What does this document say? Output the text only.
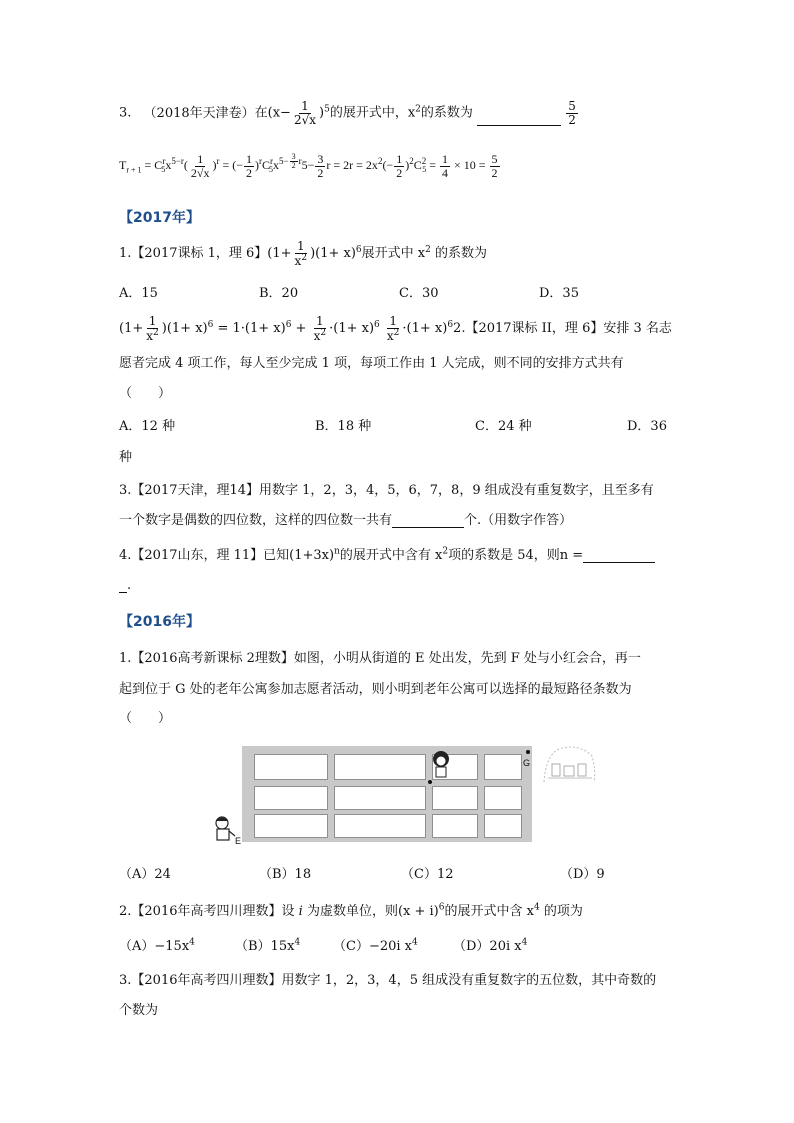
3. （2018年天津卷）在$(x- \frac{1}{2√x} )^5$的展开式中，$x^2$的系数为	$\frac{5}{2}$
$T_{r + 1} = C^r_5x^{5-r}( \frac{1}{2√x} )^r$ = (− $\frac{1}{2} )^rC^r_5x^{5- \frac{3}{2} r}5- \frac{3}{2}$ $r = 2r = 2x^2(- \frac{1}{2} )^2C^2_5 = \frac{1}{4} \times 10 = \frac{5}{2}$
【2017年】
1.【2017课标 1，理 6】$(1+ \frac{1}{x^2} )(1+ x)^6$展开式中 $x^2$ 的系数为
A．15	B．20	C．30	D．35
$(1+ \frac{1}{x^2} )(1+ x)^6 = 1\cdot(1+ x)^6 + \frac{1}{x^2} \cdot(1+ x)^6 \frac{1}{x^2} \cdot(1+ x)^62$.【2017课标 II，理 6】安排 3 名志
愿者完成 4 项工作，每人至少完成 1 项，每项工作由 1 人完成，则不同的安排方式共有
（　　）
A．12 种	B．18 种	C．24 种	D．36
种
3.【2017天津，理14】用数字 1，2，3，4，5，6，7，8，9 组成没有重复数字，且至多有
一个数字是偶数的四位数，这样的四位数一共有	个.（用数字作答）
4.【2017山东，理 11】已知$(1+3x)^n$的展开式中含有 $x^2$项的系数是 54，则n =
.
【2016年】
1.【2016高考新课标 2理数】如图，小明从街道的 E 处出发，先到 F 处与小红会合，再一
起到位于 G 处的老年公寓参加志愿者活动，则小明到老年公寓可以选择的最短路径条数为
（　　）
G
E
（A）24	（B）18	（C）12	（D）9
2.【2016年高考四川理数】设 i 为虚数单位，则$(x + i)^6$的展开式中含 $x^4$ 的项为
$(A)-15x^4$	$(B)15x^4$	（C）−20i $x^4$	（D）20i $x^4$
3.【2016年高考四川理数】用数字 1，2，3，4，5 组成没有重复数字的五位数，其中奇数的
个数为
